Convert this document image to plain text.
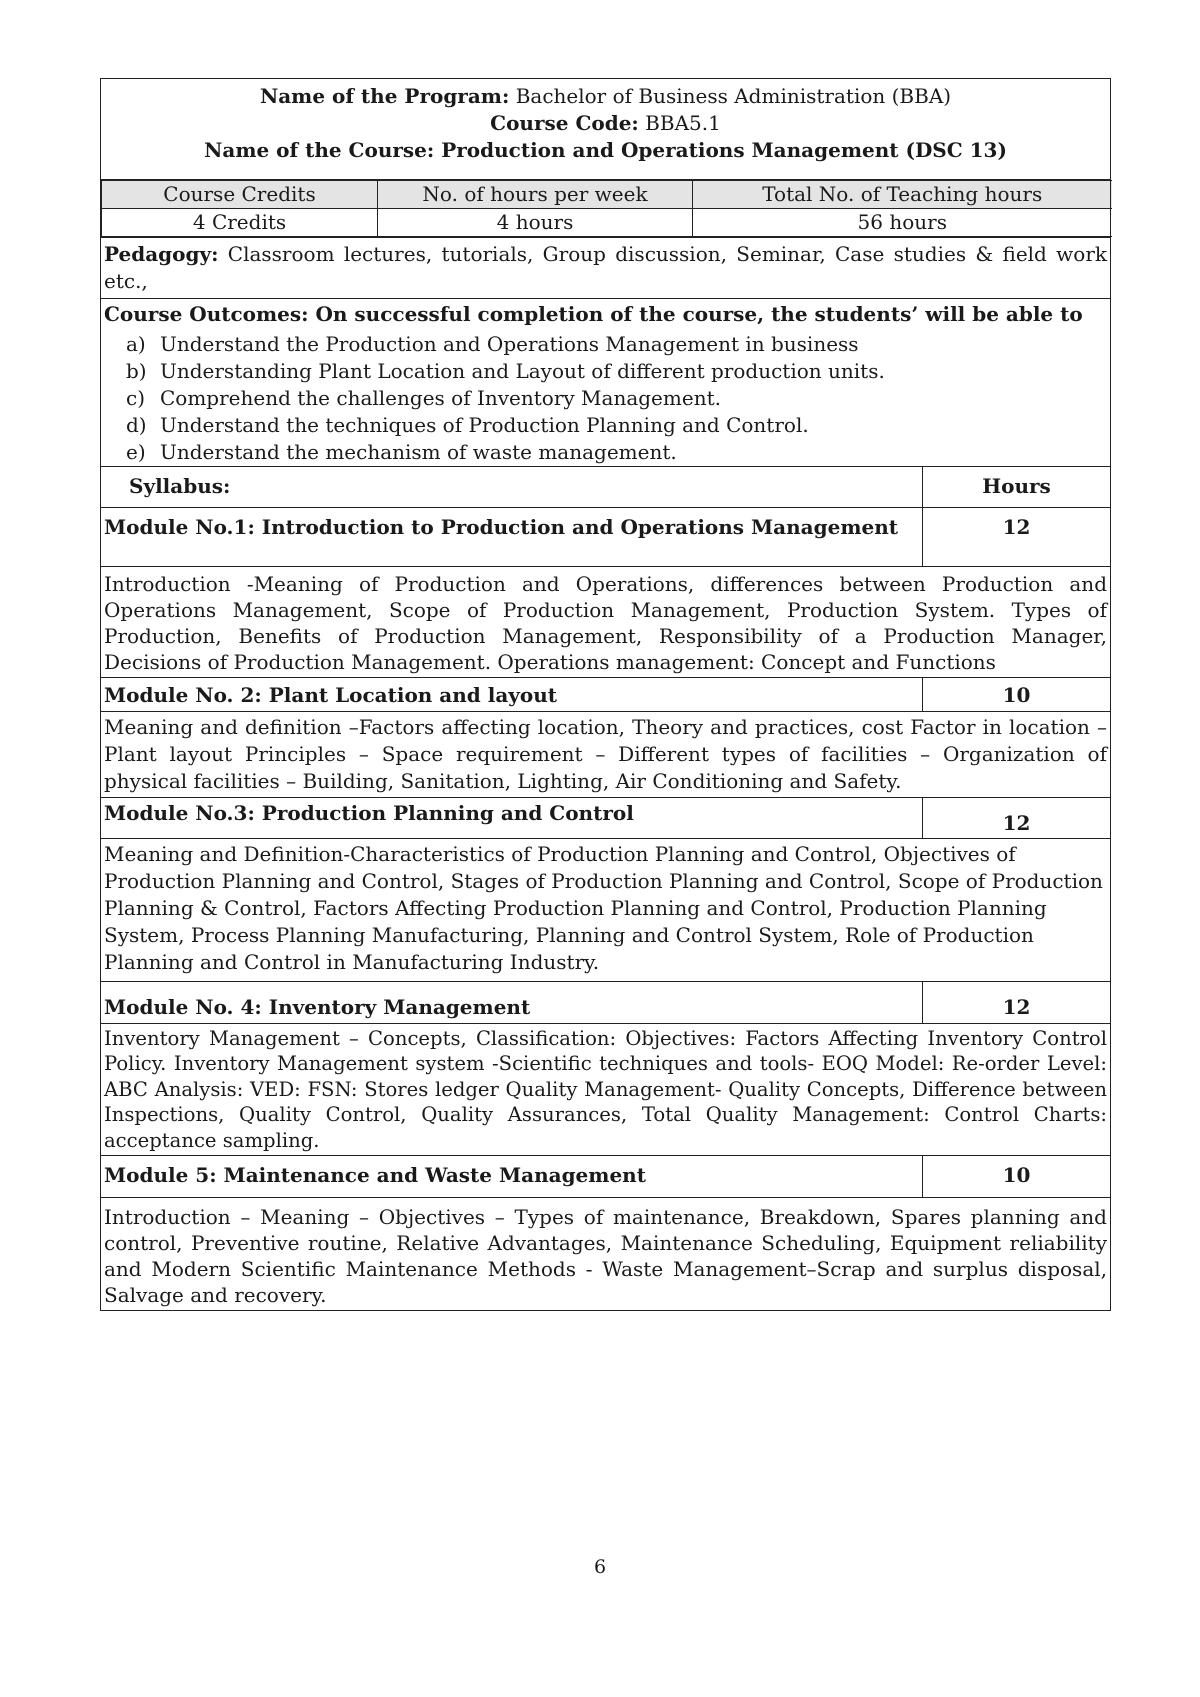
Name of the Program: Bachelor of Business Administration (BBA)
Course Code: BBA5.1
Name of the Course: Production and Operations Management (DSC 13)

Course Credits	No. of hours per week	Total No. of Teaching hours
4 Credits	4 hours	56 hours

Pedagogy: Classroom lectures, tutorials, Group discussion, Seminar, Case studies & field work etc.,
Course Outcomes: On successful completion of the course, the students’ will be able to
a) Understand the Production and Operations Management in business
b) Understanding Plant Location and Layout of different production units.
c) Comprehend the challenges of Inventory Management.
d) Understand the techniques of Production Planning and Control.
e) Understand the mechanism of waste management.

Syllabus:	Hours
Module No.1: Introduction to Production and Operations Management	12
Introduction -Meaning of Production and Operations, differences between Production and Operations Management, Scope of Production Management, Production System. Types of Production, Benefits of Production Management, Responsibility of a Production Manager, Decisions of Production Management. Operations management: Concept and Functions
Module No. 2: Plant Location and layout	10
Meaning and definition –Factors affecting location, Theory and practices, cost Factor in location – Plant layout Principles – Space requirement – Different types of facilities – Organization of physical facilities – Building, Sanitation, Lighting, Air Conditioning and Safety.
Module No.3: Production Planning and Control	12
Meaning and Definition-Characteristics of Production Planning and Control, Objectives of Production Planning and Control, Stages of Production Planning and Control, Scope of Production Planning & Control, Factors Affecting Production Planning and Control, Production Planning System, Process Planning Manufacturing, Planning and Control System, Role of Production Planning and Control in Manufacturing Industry.
Module No. 4: Inventory Management	12
Inventory Management – Concepts, Classification: Objectives: Factors Affecting Inventory Control Policy. Inventory Management system -Scientific techniques and tools- EOQ Model: Re-order Level: ABC Analysis: VED: FSN: Stores ledger Quality Management- Quality Concepts, Difference between Inspections, Quality Control, Quality Assurances, Total Quality Management: Control Charts: acceptance sampling.
Module 5: Maintenance and Waste Management	10
Introduction – Meaning – Objectives – Types of maintenance, Breakdown, Spares planning and control, Preventive routine, Relative Advantages, Maintenance Scheduling, Equipment reliability and Modern Scientific Maintenance Methods - Waste Management–Scrap and surplus disposal, Salvage and recovery.
6
